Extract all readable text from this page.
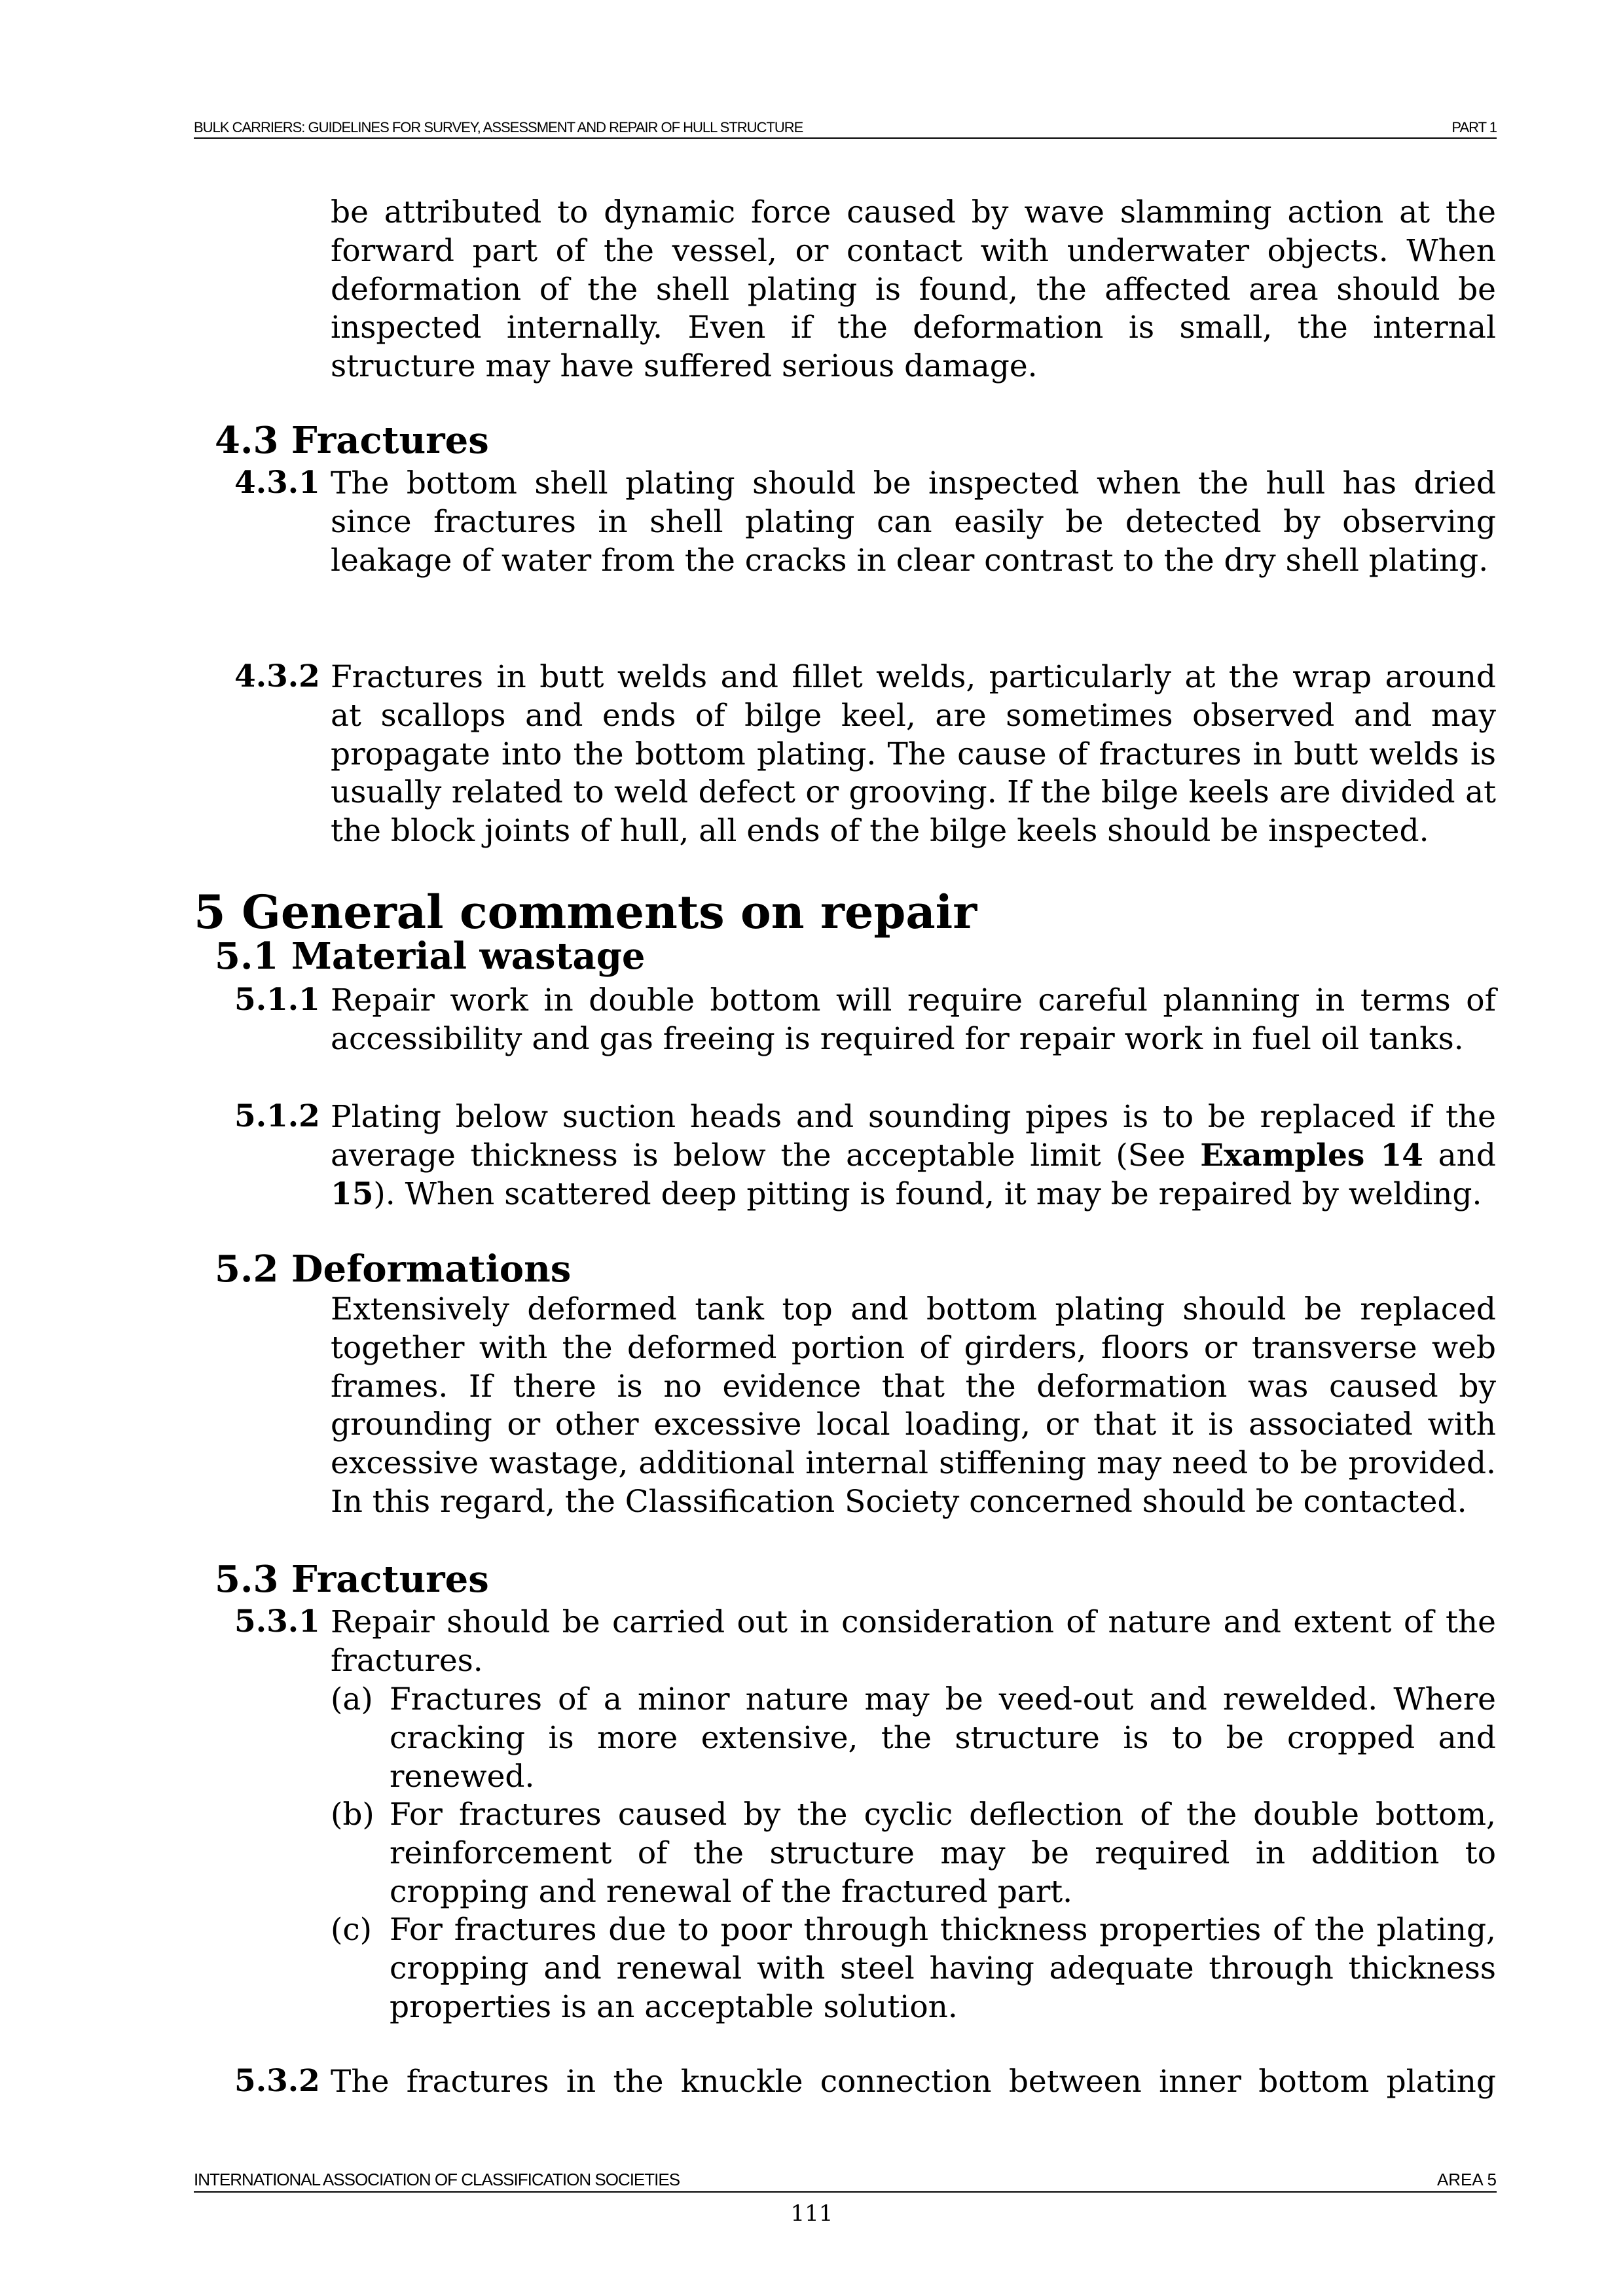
BULK CARRIERS: GUIDELINES FOR SURVEY, ASSESSMENT AND REPAIR OF HULL STRUCTURE	PART 1
be attributed to dynamic force caused by wave slamming action at the forward part of the vessel, or contact with underwater objects. When deformation of the shell plating is found, the affected area should be inspected internally. Even if the deformation is small, the internal structure may have suffered serious damage.
4.3 Fractures
4.3.1 The bottom shell plating should be inspected when the hull has dried since fractures in shell plating can easily be detected by observing leakage of water from the cracks in clear contrast to the dry shell plating.
4.3.2 Fractures in butt welds and fillet welds, particularly at the wrap around at scallops and ends of bilge keel, are sometimes observed and may propagate into the bottom plating. The cause of fractures in butt welds is usually related to weld defect or grooving. If the bilge keels are divided at the block joints of hull, all ends of the bilge keels should be inspected.
5 General comments on repair
5.1 Material wastage
5.1.1 Repair work in double bottom will require careful planning in terms of accessibility and gas freeing is required for repair work in fuel oil tanks.
5.1.2 Plating below suction heads and sounding pipes is to be replaced if the average thickness is below the acceptable limit (See Examples 14 and 15). When scattered deep pitting is found, it may be repaired by welding.
5.2 Deformations
Extensively deformed tank top and bottom plating should be replaced together with the deformed portion of girders, floors or transverse web frames. If there is no evidence that the deformation was caused by grounding or other excessive local loading, or that it is associated with excessive wastage, additional internal stiffening may need to be provided. In this regard, the Classification Society concerned should be contacted.
5.3 Fractures
5.3.1 Repair should be carried out in consideration of nature and extent of the fractures.
(a) Fractures of a minor nature may be veed-out and rewelded. Where cracking is more extensive, the structure is to be cropped and renewed.
(b) For fractures caused by the cyclic deflection of the double bottom, reinforcement of the structure may be required in addition to cropping and renewal of the fractured part.
(c) For fractures due to poor through thickness properties of the plating, cropping and renewal with steel having adequate through thickness properties is an acceptable solution.
5.3.2 The fractures in the knuckle connection between inner bottom plating
INTERNATIONAL ASSOCIATION OF CLASSIFICATION SOCIETIES	AREA 5
111
